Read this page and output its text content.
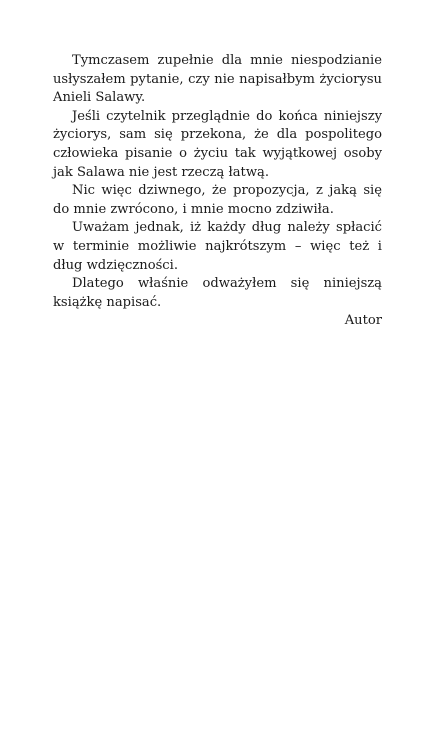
Tymczasem zupełnie dla mnie niespodzianie usłyszałem pytanie, czy nie napisałbym życiorysu Anieli Salawy.

Jeśli czytelnik przeglądnie do końca niniejszy życiorys, sam się przekona, że dla pospolitego człowieka pisanie o życiu tak wyjątkowej osoby jak Salawa nie jest rzeczą łatwą.

Nic więc dziwnego, że propozycja, z jaką się do mnie zwrócono, i mnie mocno zdziwiła.

Uważam jednak, iż każdy dług należy spłacić w terminie możliwie najkrótszym – więc też i dług wdzięczności.

Dlatego właśnie odważyłem się niniejszą książkę napisać.

Autor
